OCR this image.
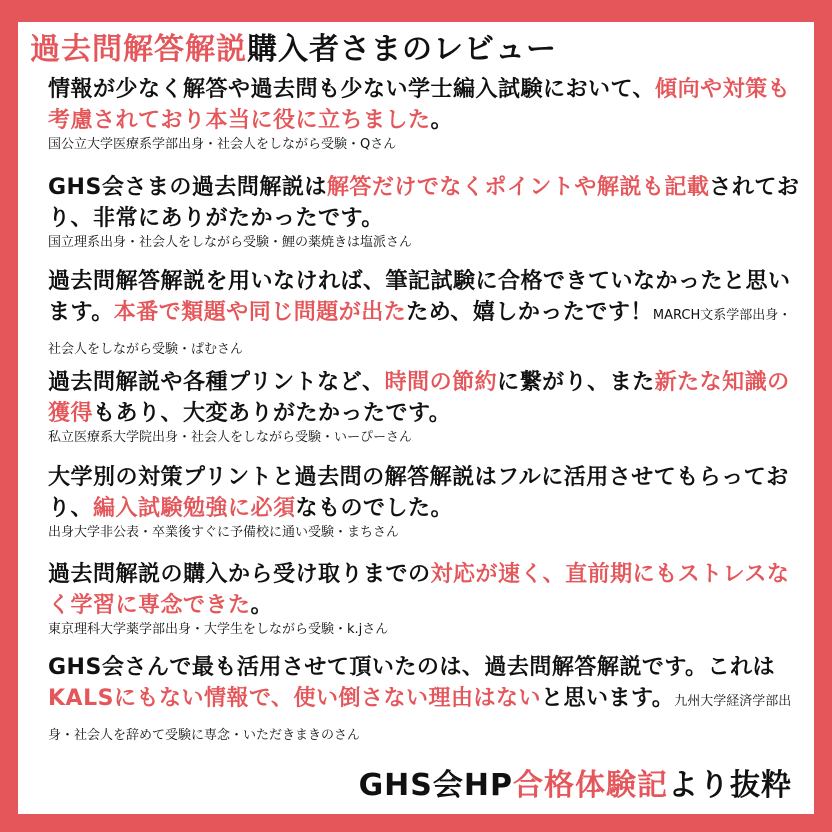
過去問解答解説購入者さまのレビュー

情報が少なく解答や過去問も少ない学士編入試験において、傾向や対策も考慮されており本当に役に立ちました。

国公立大学医療系学部出身・社会人をしながら受験・Qさん

GHS会さまの過去問解説は解答だけでなくポイントや解説も記載されており、非常にありがたかったです。

国立理系出身・社会人をしながら受験・鯉の薬焼きは塩派さん

過去問解答解説を用いなければ、筆記試験に合格できていなかったと思います。本番で類題や同じ問題が出たため、嬉しかったです！MARCH文系学部出身・社会人をしながら受験・ぱむさん

過去問解説や各種プリントなど、時間の節約に繋がり、また新たな知識の獲得もあり、大変ありがたかったです。

私立医療系大学院出身・社会人をしながら受験・いーぴーさん

大学別の対策プリントと過去問の解答解説はフルに活用させてもらっており、編入試験勉強に必須なものでした。

出身大学非公表・卒業後すぐに予備校に通い受験・まちさん

過去問解説の購入から受け取りまでの対応が速く、直前期にもストレスなく学習に専念できた。

東京理科大学薬学部出身・大学生をしながら受験・k.jさん

GHS会さんで最も活用させて頂いたのは、過去問解答解説です。これはKALSにもない情報で、使い倒さない理由はないと思います。九州大学経済学部出身・社会人を辞めて受験に専念・いただきまきのさん

GHS会HP合格体験記より抜粋
